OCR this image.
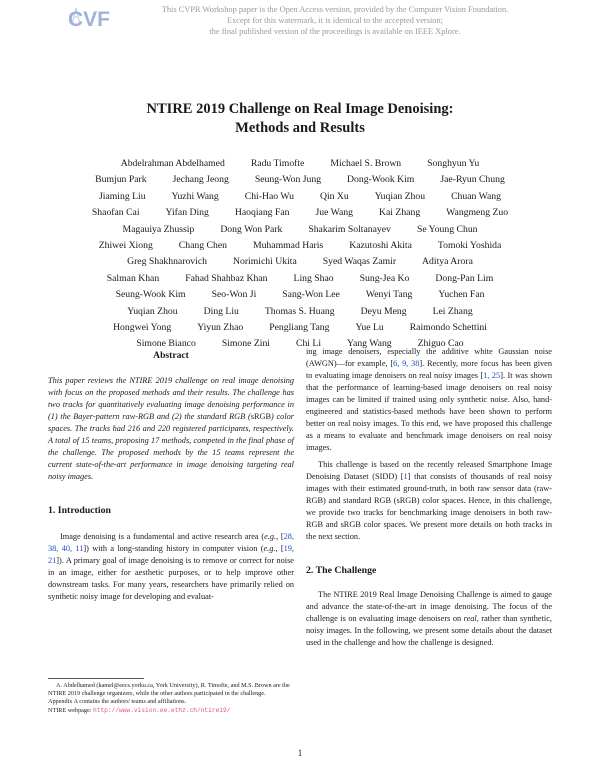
CVF	This CVPR Workshop paper is the Open Access version, provided by the Computer Vision Foundation.
Except for this watermark, it is identical to the accepted version;
the final published version of the proceedings is available on IEEE Xplore.
NTIRE 2019 Challenge on Real Image Denoising:
Methods and Results
Abdelrahman Abdelhamed	Radu Timofte	Michael S. Brown	Songhyun Yu
Bumjun Park	Jechang Jeong	Seung-Won Jung	Dong-Wook Kim	Jae-Ryun Chung
Jiaming Liu	Yuzhi Wang	Chi-Hao Wu	Qin Xu	Yuqian Zhou	Chuan Wang
Shaofan Cai	Yifan Ding	Haoqiang Fan	Jue Wang	Kai Zhang	Wangmeng Zuo
Magauiya Zhussip	Dong Won Park	Shakarim Soltanayev	Se Young Chun
Zhiwei Xiong	Chang Chen	Muhammad Haris	Kazutoshi Akita	Tomoki Yoshida
Greg Shakhnarovich	Norimichi Ukita	Syed Waqas Zamir	Aditya Arora
Salman Khan	Fahad Shahbaz Khan	Ling Shao	Sung-Jea Ko	Dong-Pan Lim
Seung-Wook Kim	Seo-Won Ji	Sang-Won Lee	Wenyi Tang	Yuchen Fan
Yuqian Zhou	Ding Liu	Thomas S. Huang	Deyu Meng	Lei Zhang
Hongwei Yong	Yiyun Zhao	Pengliang Tang	Yue Lu	Raimondo Schettini
Simone Bianco	Simone Zini	Chi Li	Yang Wang	Zhiguo Cao
Abstract

This paper reviews the NTIRE 2019 challenge on real image denoising with focus on the proposed methods and their results. The challenge has two tracks for quantitatively evaluating image denoising performance in (1) the Bayer-pattern raw-RGB and (2) the standard RGB (sRGB) color spaces. The tracks had 216 and 220 registered participants, respectively. A total of 15 teams, proposing 17 methods, competed in the final phase of the challenge. The proposed methods by the 15 teams represent the current state-of-the-art performance in image denoising targeting real noisy images.

1. Introduction

Image denoising is a fundamental and active research area (e.g., [28, 38, 40, 11]) with a long-standing history in computer vision (e.g., [19, 21]). A primary goal of image denoising is to remove or correct for noise in an image, either for aesthetic purposes, or to help improve other downstream tasks. For many years, researchers have primarily relied on synthetic noisy image for developing and evaluat-

ing image denoisers, especially the additive white Gaussian noise (AWGN)—for example, [6, 9, 38]. Recently, more focus has been given to evaluating image denoisers on real noisy images [1, 25]. It was shown that the performance of learning-based image denoisers on real noisy images can be limited if trained using only synthetic noise. Also, hand-engineered and statistics-based methods have been shown to perform better on real noisy images. To this end, we have proposed this challenge as a means to evaluate and benchmark image denoisers on real noisy images.

This challenge is based on the recently released Smartphone Image Denoising Dataset (SIDD) [1] that consists of thousands of real noisy images with their estimated ground-truth, in both raw sensor data (raw-RGB) and standard RGB (sRGB) color spaces. Hence, in this challenge, we provide two tracks for benchmarking image denoisers in both raw-RGB and sRGB color spaces. We present more details on both tracks in the next section.

2. The Challenge

The NTIRE 2019 Real Image Denoising Challenge is aimed to gauge and advance the state-of-the-art in image denoising. The focus of the challenge is on evaluating image denoisers on real, rather than synthetic, noisy images. In the following, we present some details about the dataset used in the challenge and how the challenge is designed.

A. Abdelhamed (kamel@eecs.yorku.ca, York University), R. Timofte, and M.S. Brown are the NTIRE 2019 challenge organizers, while the other authors participated in the challenge.
Appendix A contains the authors' teams and affiliations.
NTIRE webpage: http://www.vision.ee.ethz.ch/ntire19/
1
